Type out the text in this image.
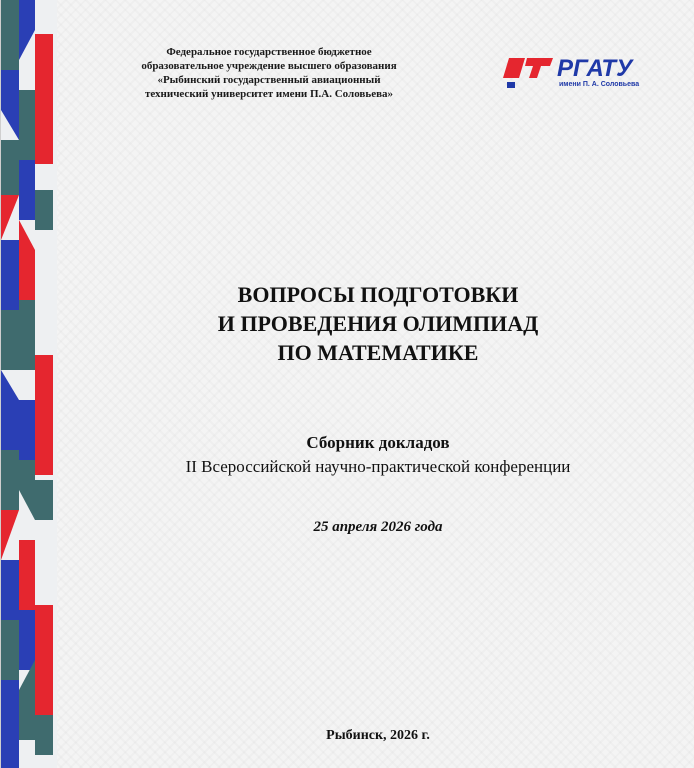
Федеральное государственное бюджетное
образовательное учреждение высшего образования
«Рыбинский государственный авиационный
технический университет имени П.А. Соловьева»
РГАТУ
имени П. А. Соловьева
ВОПРОСЫ ПОДГОТОВКИ
И ПРОВЕДЕНИЯ ОЛИМПИАД
ПО МАТЕМАТИКЕ
Сборник докладов
II Всероссийской научно-практической конференции
25 апреля 2026 года
Рыбинск, 2026 г.
